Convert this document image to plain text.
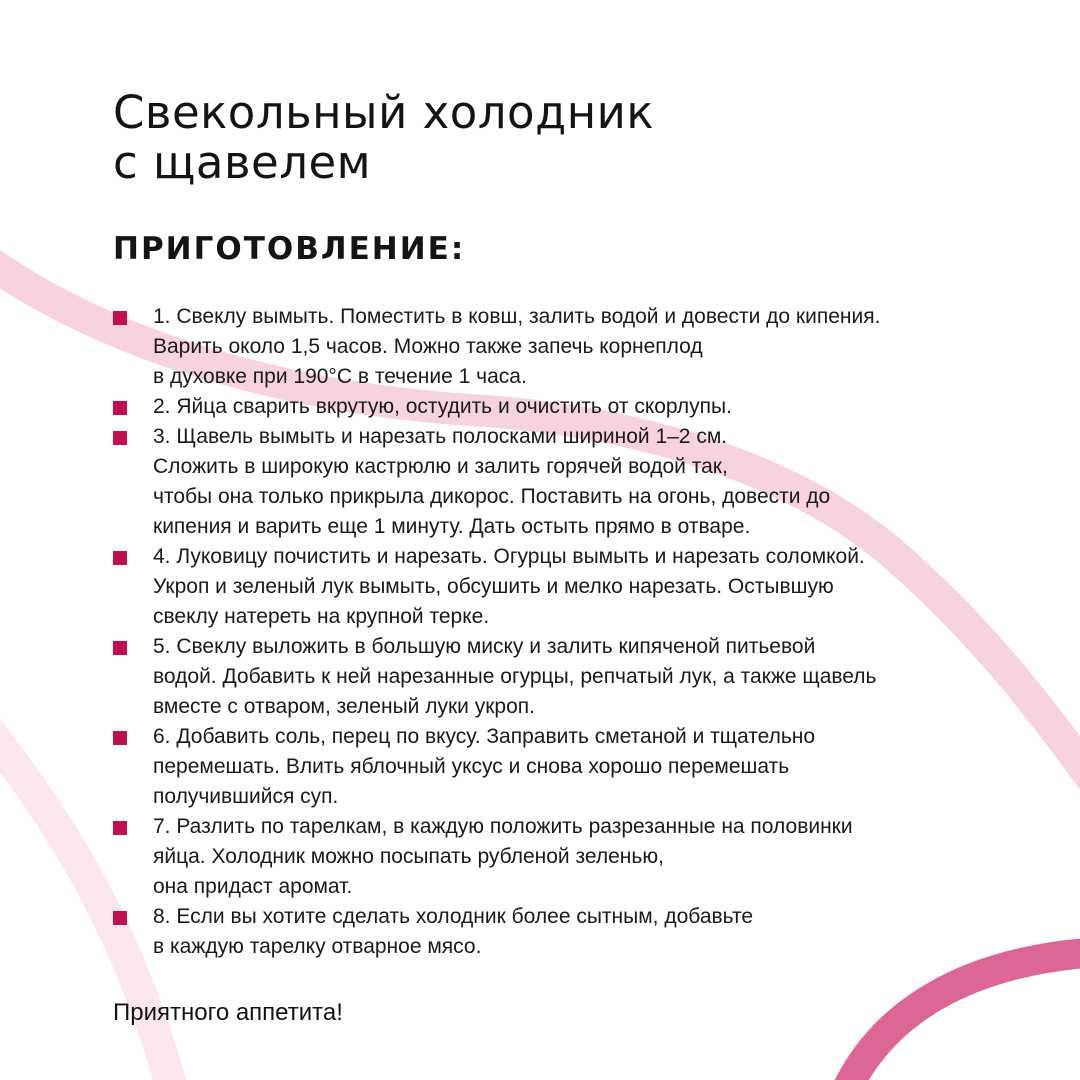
Свекольный холодник
с щавелем
ПРИГОТОВЛЕНИЕ:
1. Свеклу вымыть. Поместить в ковш, залить водой и довести до кипения.
Варить около 1,5 часов. Можно также запечь корнеплод
в духовке при 190°С в течение 1 часа.
2. Яйца сварить вкрутую, остудить и очистить от скорлупы.
3. Щавель вымыть и нарезать полосками шириной 1–2 см.
Сложить в широкую кастрюлю и залить горячей водой так,
чтобы она только прикрыла дикорос. Поставить на огонь, довести до
кипения и варить еще 1 минуту. Дать остыть прямо в отваре.
4. Луковицу почистить и нарезать. Огурцы вымыть и нарезать соломкой.
Укроп и зеленый лук вымыть, обсушить и мелко нарезать. Остывшую
свеклу натереть на крупной терке.
5. Свеклу выложить в большую миску и залить кипяченой питьевой
водой. Добавить к ней нарезанные огурцы, репчатый лук, а также щавель
вместе с отваром, зеленый луки укроп.
6. Добавить соль, перец по вкусу. Заправить сметаной и тщательно
перемешать. Влить яблочный уксус и снова хорошо перемешать
получившийся суп.
7. Разлить по тарелкам, в каждую положить разрезанные на половинки
яйца. Холодник можно посыпать рубленой зеленью,
она придаст аромат.
8. Если вы хотите сделать холодник более сытным, добавьте
в каждую тарелку отварное мясо.

Приятного аппетита!
